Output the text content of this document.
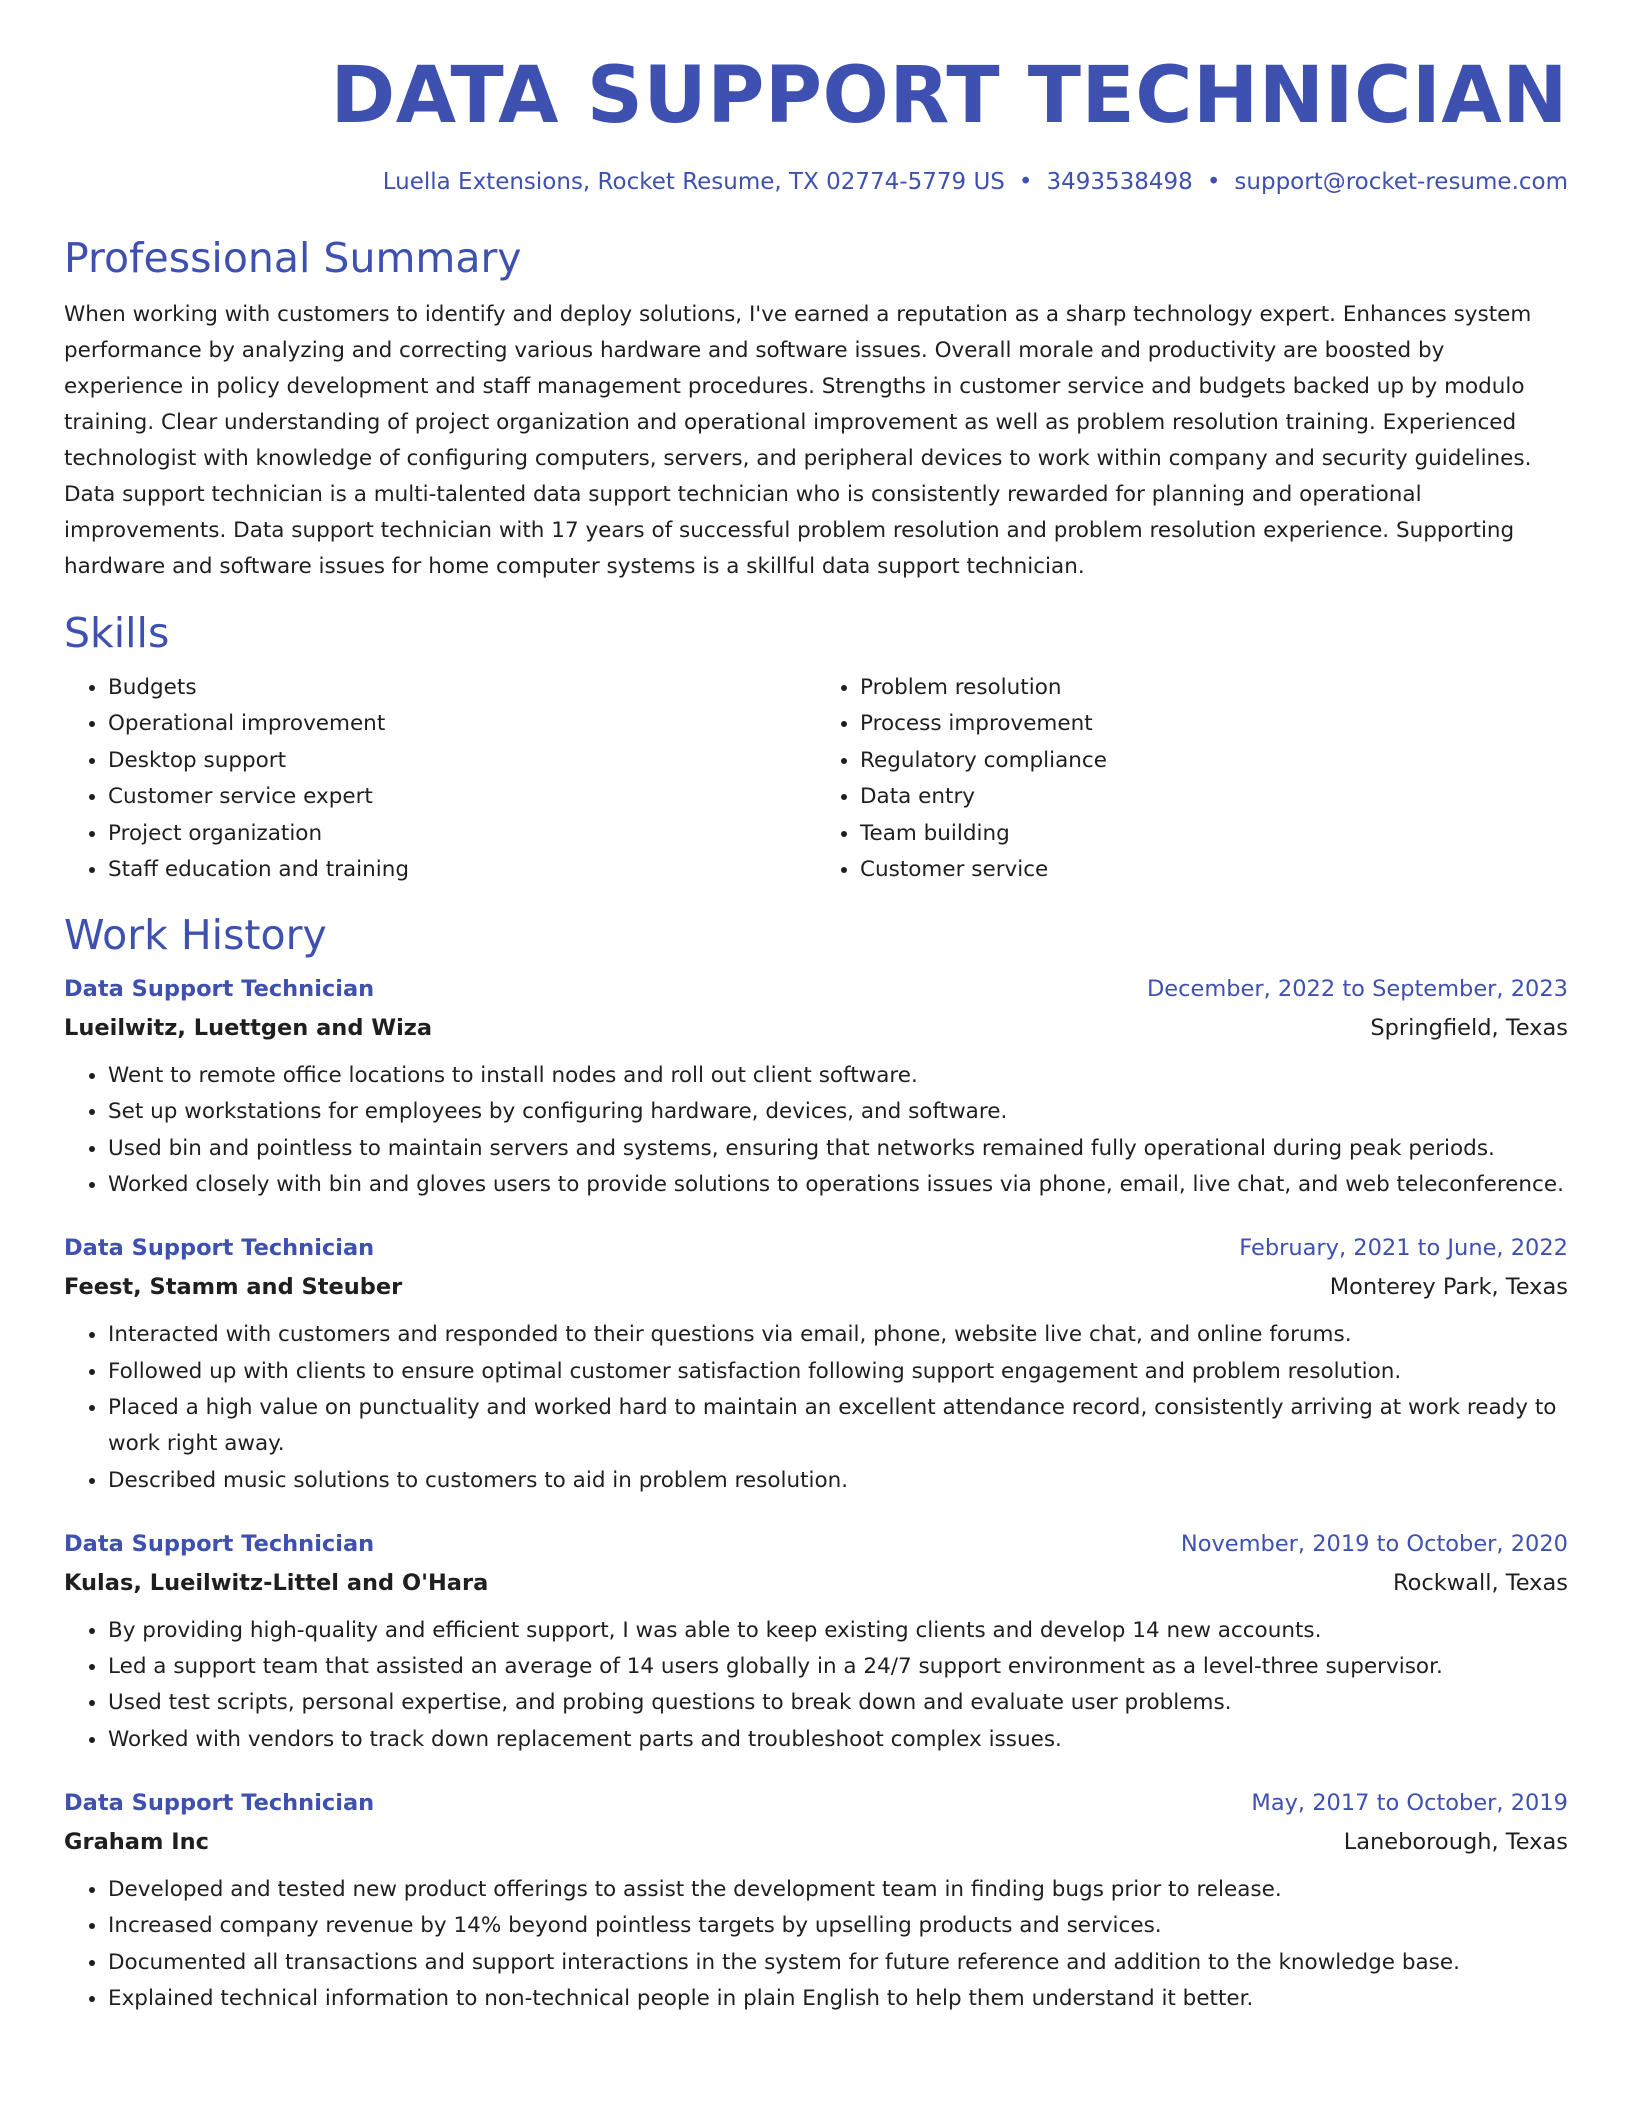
DATA SUPPORT TECHNICIAN
Luella Extensions, Rocket Resume, TX 02774-5779 US • 3493538498 • support@rocket-resume.com
Professional Summary

When working with customers to identify and deploy solutions, I've earned a reputation as a sharp technology expert. Enhances system performance by analyzing and correcting various hardware and software issues. Overall morale and productivity are boosted by experience in policy development and staff management procedures. Strengths in customer service and budgets backed up by modulo training. Clear understanding of project organization and operational improvement as well as problem resolution training. Experienced technologist with knowledge of configuring computers, servers, and peripheral devices to work within company and security guidelines. Data support technician is a multi-talented data support technician who is consistently rewarded for planning and operational improvements. Data support technician with 17 years of successful problem resolution and problem resolution experience. Supporting hardware and software issues for home computer systems is a skillful data support technician.

Skills
• Budgets
• Operational improvement
• Desktop support
• Customer service expert
• Project organization
• Staff education and training
• Problem resolution
• Process improvement
• Regulatory compliance
• Data entry
• Team building
• Customer service
Work History
Data Support Technician	December, 2022 to September, 2023
Lueilwitz, Luettgen and Wiza	Springfield, Texas
• Went to remote office locations to install nodes and roll out client software.
• Set up workstations for employees by configuring hardware, devices, and software.
• Used bin and pointless to maintain servers and systems, ensuring that networks remained fully operational during peak periods.
• Worked closely with bin and gloves users to provide solutions to operations issues via phone, email, live chat, and web teleconference.
Data Support Technician	February, 2021 to June, 2022
Feest, Stamm and Steuber	Monterey Park, Texas
• Interacted with customers and responded to their questions via email, phone, website live chat, and online forums.
• Followed up with clients to ensure optimal customer satisfaction following support engagement and problem resolution.
• Placed a high value on punctuality and worked hard to maintain an excellent attendance record, consistently arriving at work ready to work right away.
• Described music solutions to customers to aid in problem resolution.
Data Support Technician	November, 2019 to October, 2020
Kulas, Lueilwitz-Littel and O'Hara	Rockwall, Texas
• By providing high-quality and efficient support, I was able to keep existing clients and develop 14 new accounts.
• Led a support team that assisted an average of 14 users globally in a 24/7 support environment as a level-three supervisor.
• Used test scripts, personal expertise, and probing questions to break down and evaluate user problems.
• Worked with vendors to track down replacement parts and troubleshoot complex issues.
Data Support Technician	May, 2017 to October, 2019
Graham Inc	Laneborough, Texas
• Developed and tested new product offerings to assist the development team in finding bugs prior to release.
• Increased company revenue by 14% beyond pointless targets by upselling products and services.
• Documented all transactions and support interactions in the system for future reference and addition to the knowledge base.
• Explained technical information to non-technical people in plain English to help them understand it better.
